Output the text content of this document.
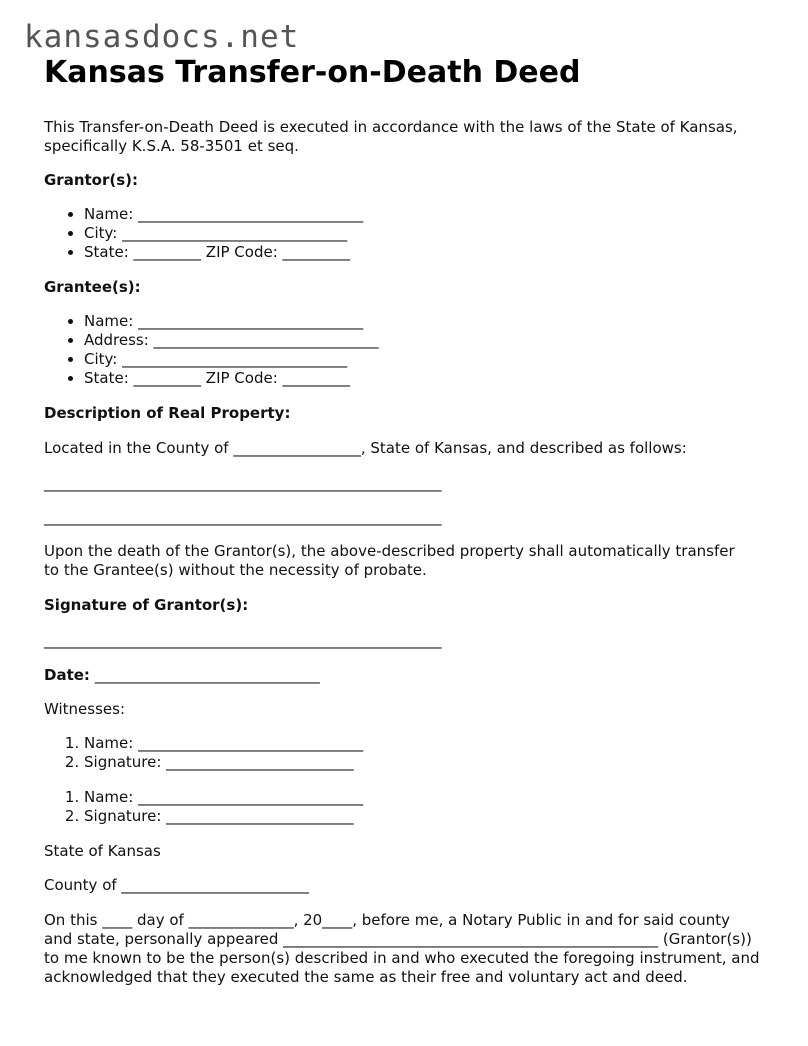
kansasdocs.net
Kansas Transfer-on-Death Deed

This Transfer-on-Death Deed is executed in accordance with the laws of the State of Kansas, specifically K.S.A. 58-3501 et seq.

Grantor(s):

• Name: ______________________________
• City: ______________________________
• State: _________ ZIP Code: _________

Grantee(s):

• Name: ______________________________
• Address: ______________________________
• City: ______________________________
• State: _________ ZIP Code: _________

Description of Real Property:

Located in the County of _________________, State of Kansas, and described as follows:

_____________________________________________________

_____________________________________________________

Upon the death of the Grantor(s), the above-described property shall automatically transfer to the Grantee(s) without the necessity of probate.

Signature of Grantor(s):

_____________________________________________________

Date: ______________________________

Witnesses:

1. Name: ______________________________
2. Signature: _________________________
1. Name: ______________________________
2. Signature: _________________________

State of Kansas

County of _________________________

On this ____ day of ______________, 20____, before me, a Notary Public in and for said county and state, personally appeared __________________________________________________ (Grantor(s)) to me known to be the person(s) described in and who executed the foregoing instrument, and acknowledged that they executed the same as their free and voluntary act and deed.
